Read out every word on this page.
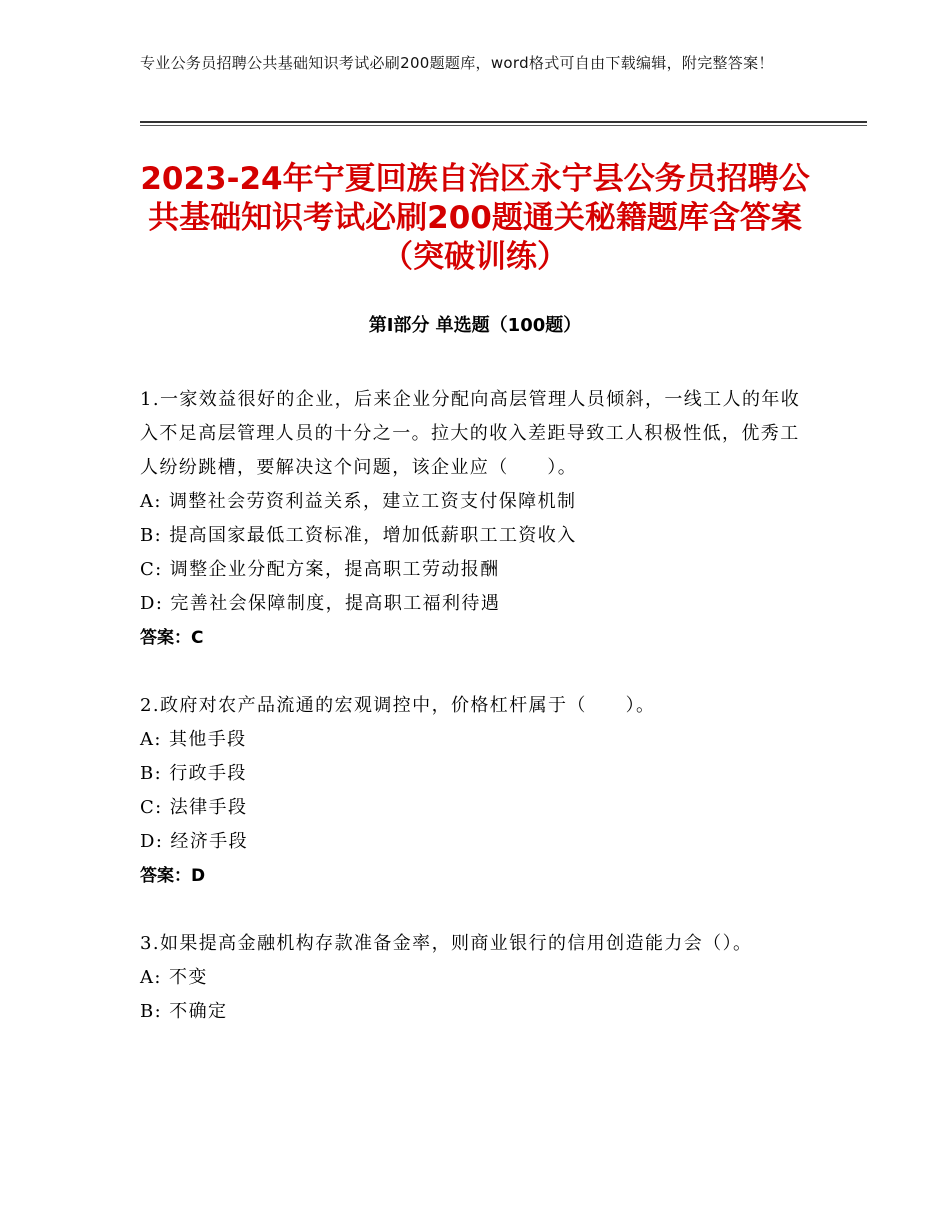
专业公务员招聘公共基础知识考试必刷200题题库，word格式可自由下载编辑，附完整答案！
2023-24年宁夏回族自治区永宁县公务员招聘公共基础知识考试必刷200题通关秘籍题库含答案（突破训练）
第Ⅰ部分 单选题（100题）
1.一家效益很好的企业，后来企业分配向高层管理人员倾斜，一线工人的年收入不足高层管理人员的十分之一。拉大的收入差距导致工人积极性低，优秀工人纷纷跳槽，要解决这个问题，该企业应（　　）。
A: 调整社会劳资利益关系，建立工资支付保障机制
B: 提高国家最低工资标准，增加低薪职工工资收入
C: 调整企业分配方案，提高职工劳动报酬
D: 完善社会保障制度，提高职工福利待遇
答案：C
2.政府对农产品流通的宏观调控中，价格杠杆属于（　　）。
A: 其他手段
B: 行政手段
C: 法律手段
D: 经济手段
答案：D
3.如果提高金融机构存款准备金率，则商业银行的信用创造能力会（）。
A: 不变
B: 不确定
